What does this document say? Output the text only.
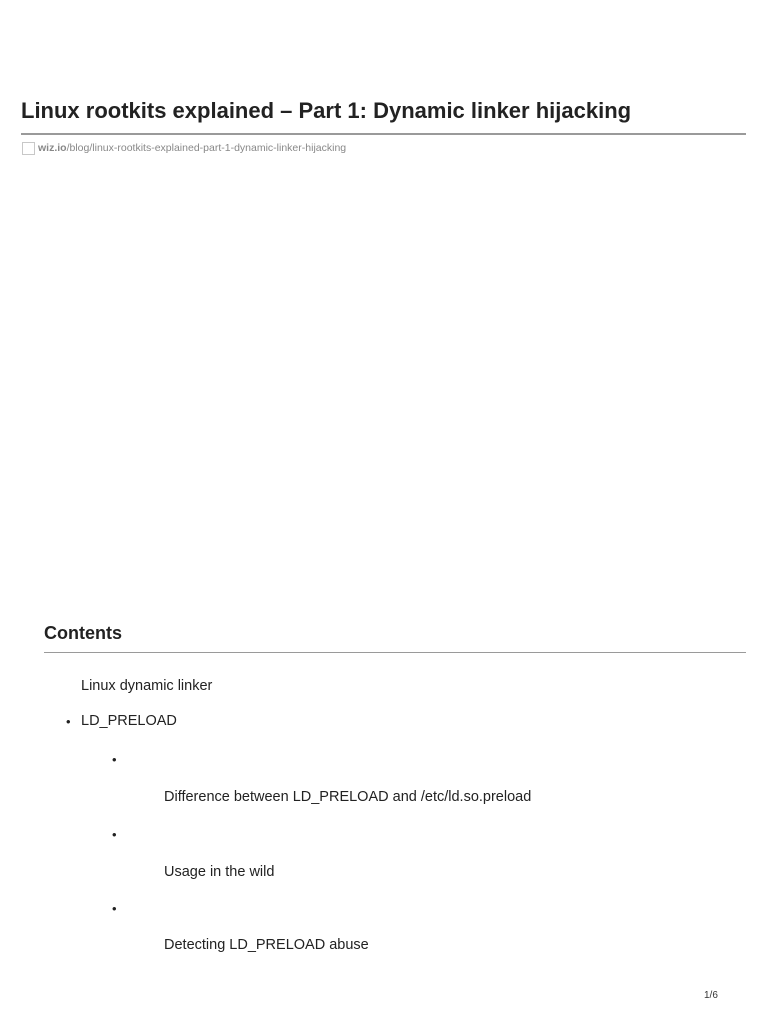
Linux rootkits explained – Part 1: Dynamic linker hijacking
wiz.io /blog/linux-rootkits-explained-part-1-dynamic-linker-hijacking
Contents
Linux dynamic linker
• LD_PRELOAD
•
Difference between LD_PRELOAD and /etc/ld.so.preload
•
Usage in the wild
•
Detecting LD_PRELOAD abuse
1/6
